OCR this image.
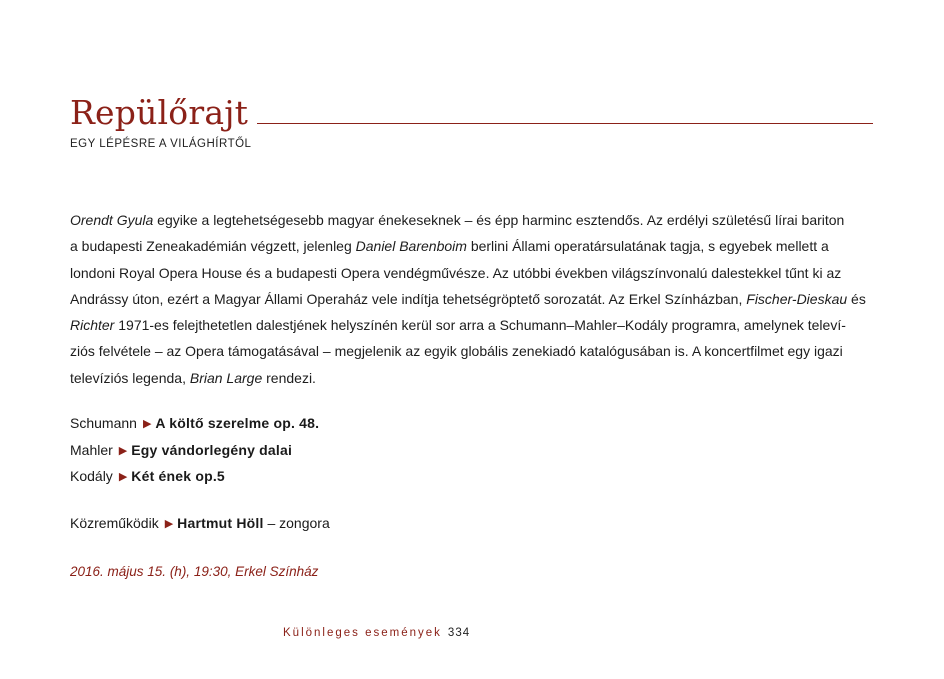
Repülőrajt
EGY LÉPÉSRE A VILÁGHÍRTŐL
Orendt Gyula egyike a legtehetségesebb magyar énekeseknek – és épp harminc esztendős. Az erdélyi születésű lírai bariton
a budapesti Zeneakadémián végzett, jelenleg Daniel Barenboim berlini Állami operatársulatának tagja, s egyebek mellett a
londoni Royal Opera House és a budapesti Opera vendégművésze. Az utóbbi években világszínvonalú dalestekkel tűnt ki az
Andrássy úton, ezért a Magyar Állami Operaház vele indítja tehetségröptető sorozatát. Az Erkel Színházban, Fischer-Dieskau és
Richter 1971-es felejthetetlen dalestjének helyszínén kerül sor arra a Schumann–Mahler–Kodály programra, amelynek televí-
ziós felvétele – az Opera támogatásával – megjelenik az egyik globális zenekiadó katalógusában is. A koncertfilmet egy igazi
televíziós legenda, Brian Large rendezi.
Schumann ▶ A költő szerelme op. 48.
Mahler ▶ Egy vándorlegény dalai
Kodály ▶ Két ének op.5
Közreműködik ▶ Hartmut Höll – zongora
2016. május 15. (h), 19:30, Erkel Színház
Különleges események 334
